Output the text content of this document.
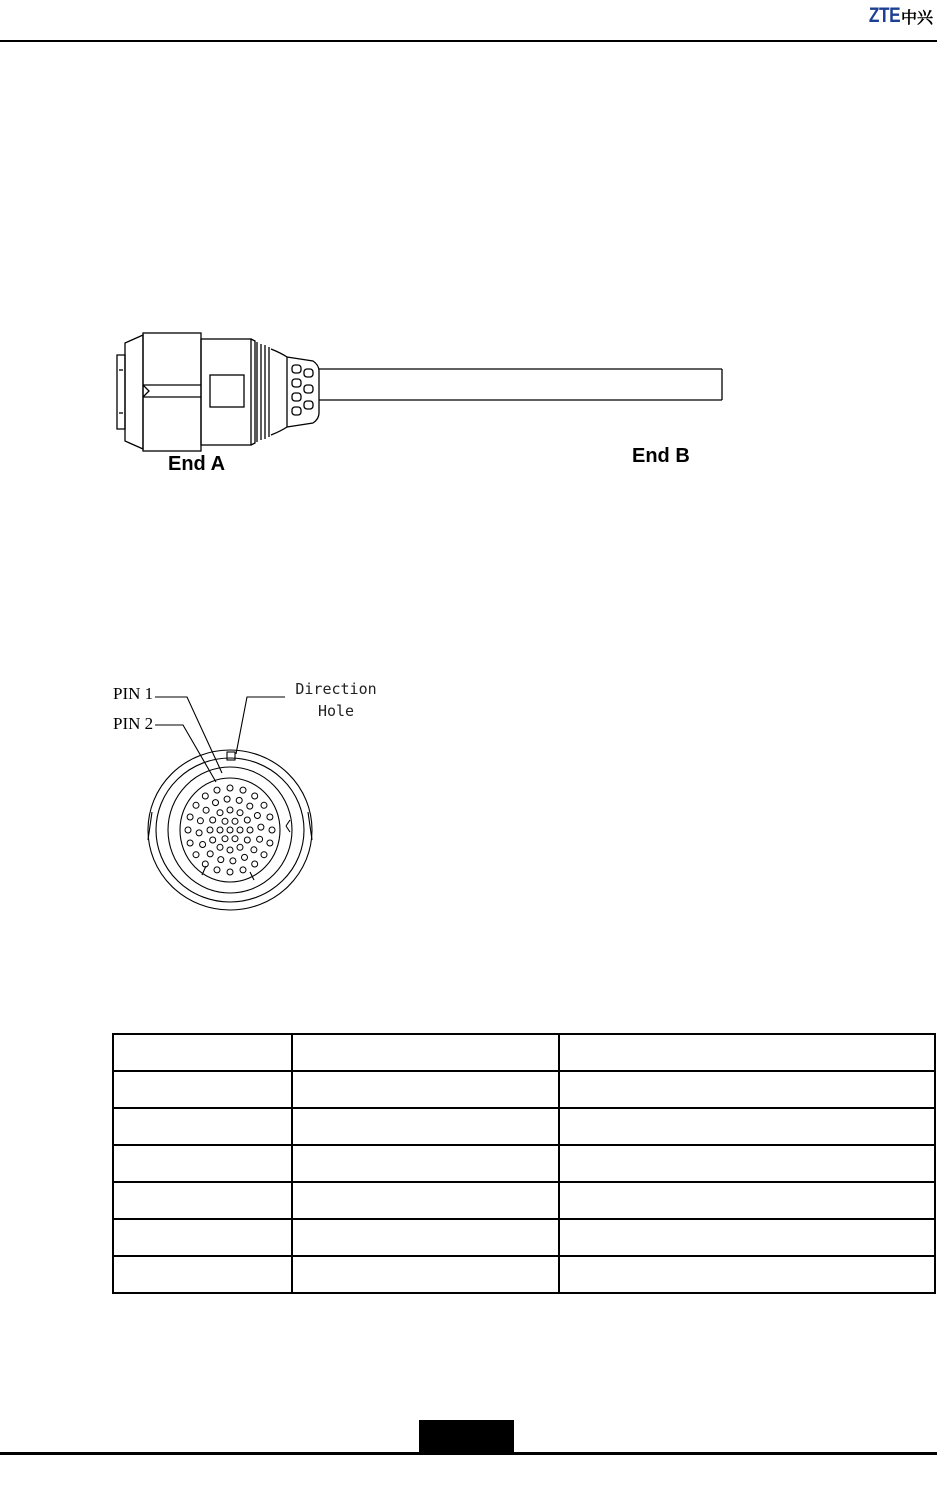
ZTE 中兴
End A	End B
PIN 1
PIN 2
Direction
Hole
